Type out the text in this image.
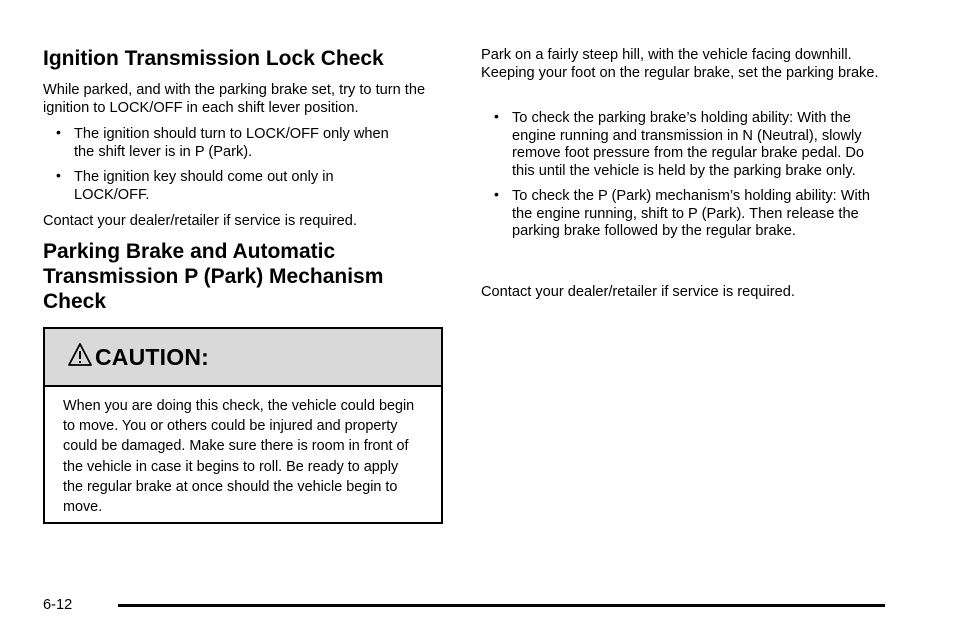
Ignition Transmission Lock Check

While parked, and with the parking brake set, try to turn the ignition to LOCK/OFF in each shift lever position.

• The ignition should turn to LOCK/OFF only when the shift lever is in P (Park).
• The ignition key should come out only in LOCK/OFF.

Contact your dealer/retailer if service is required.

Parking Brake and Automatic Transmission P (Park) Mechanism Check
CAUTION:
When you are doing this check, the vehicle could begin to move. You or others could be injured and property could be damaged. Make sure there is room in front of the vehicle in case it begins to roll. Be ready to apply the regular brake at once should the vehicle begin to move.

Park on a fairly steep hill, with the vehicle facing downhill. Keeping your foot on the regular brake, set the parking brake.

• To check the parking brake’s holding ability: With the engine running and transmission in N (Neutral), slowly remove foot pressure from the regular brake pedal. Do this until the vehicle is held by the parking brake only.
• To check the P (Park) mechanism’s holding ability: With the engine running, shift to P (Park). Then release the parking brake followed by the regular brake.

Contact your dealer/retailer if service is required.

6-12
